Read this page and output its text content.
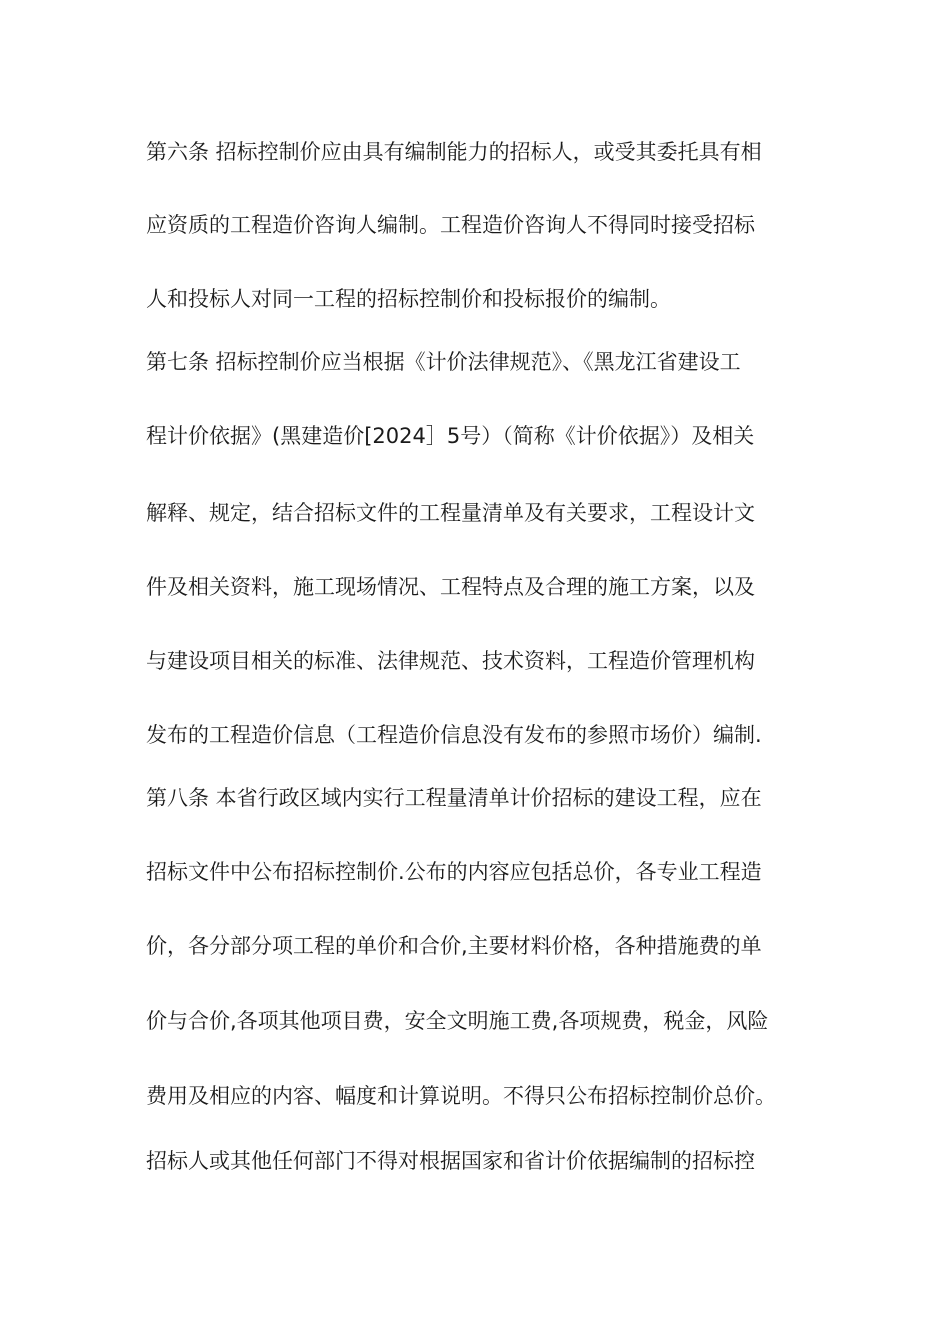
第六条 招标控制价应由具有编制能力的招标人，或受其委托具有相
应资质的工程造价咨询人编制。工程造价咨询人不得同时接受招标
人和投标人对同一工程的招标控制价和投标报价的编制。
第七条 招标控制价应当根据《计价法律规范》、《黑龙江省建设工
程计价依据》(黑建造价[2024］5号）（简称《计价依据》）及相关
解释、规定，结合招标文件的工程量清单及有关要求，工程设计文
件及相关资料，施工现场情况、工程特点及合理的施工方案，以及
与建设项目相关的标准、法律规范、技术资料，工程造价管理机构
发布的工程造价信息（工程造价信息没有发布的参照市场价）编制.
第八条 本省行政区域内实行工程量清单计价招标的建设工程，应在
招标文件中公布招标控制价.公布的内容应包括总价，各专业工程造
价，各分部分项工程的单价和合价,主要材料价格，各种措施费的单
价与合价,各项其他项目费，安全文明施工费,各项规费，税金，风险
费用及相应的内容、幅度和计算说明。不得只公布招标控制价总价。
招标人或其他任何部门不得对根据国家和省计价依据编制的招标控
